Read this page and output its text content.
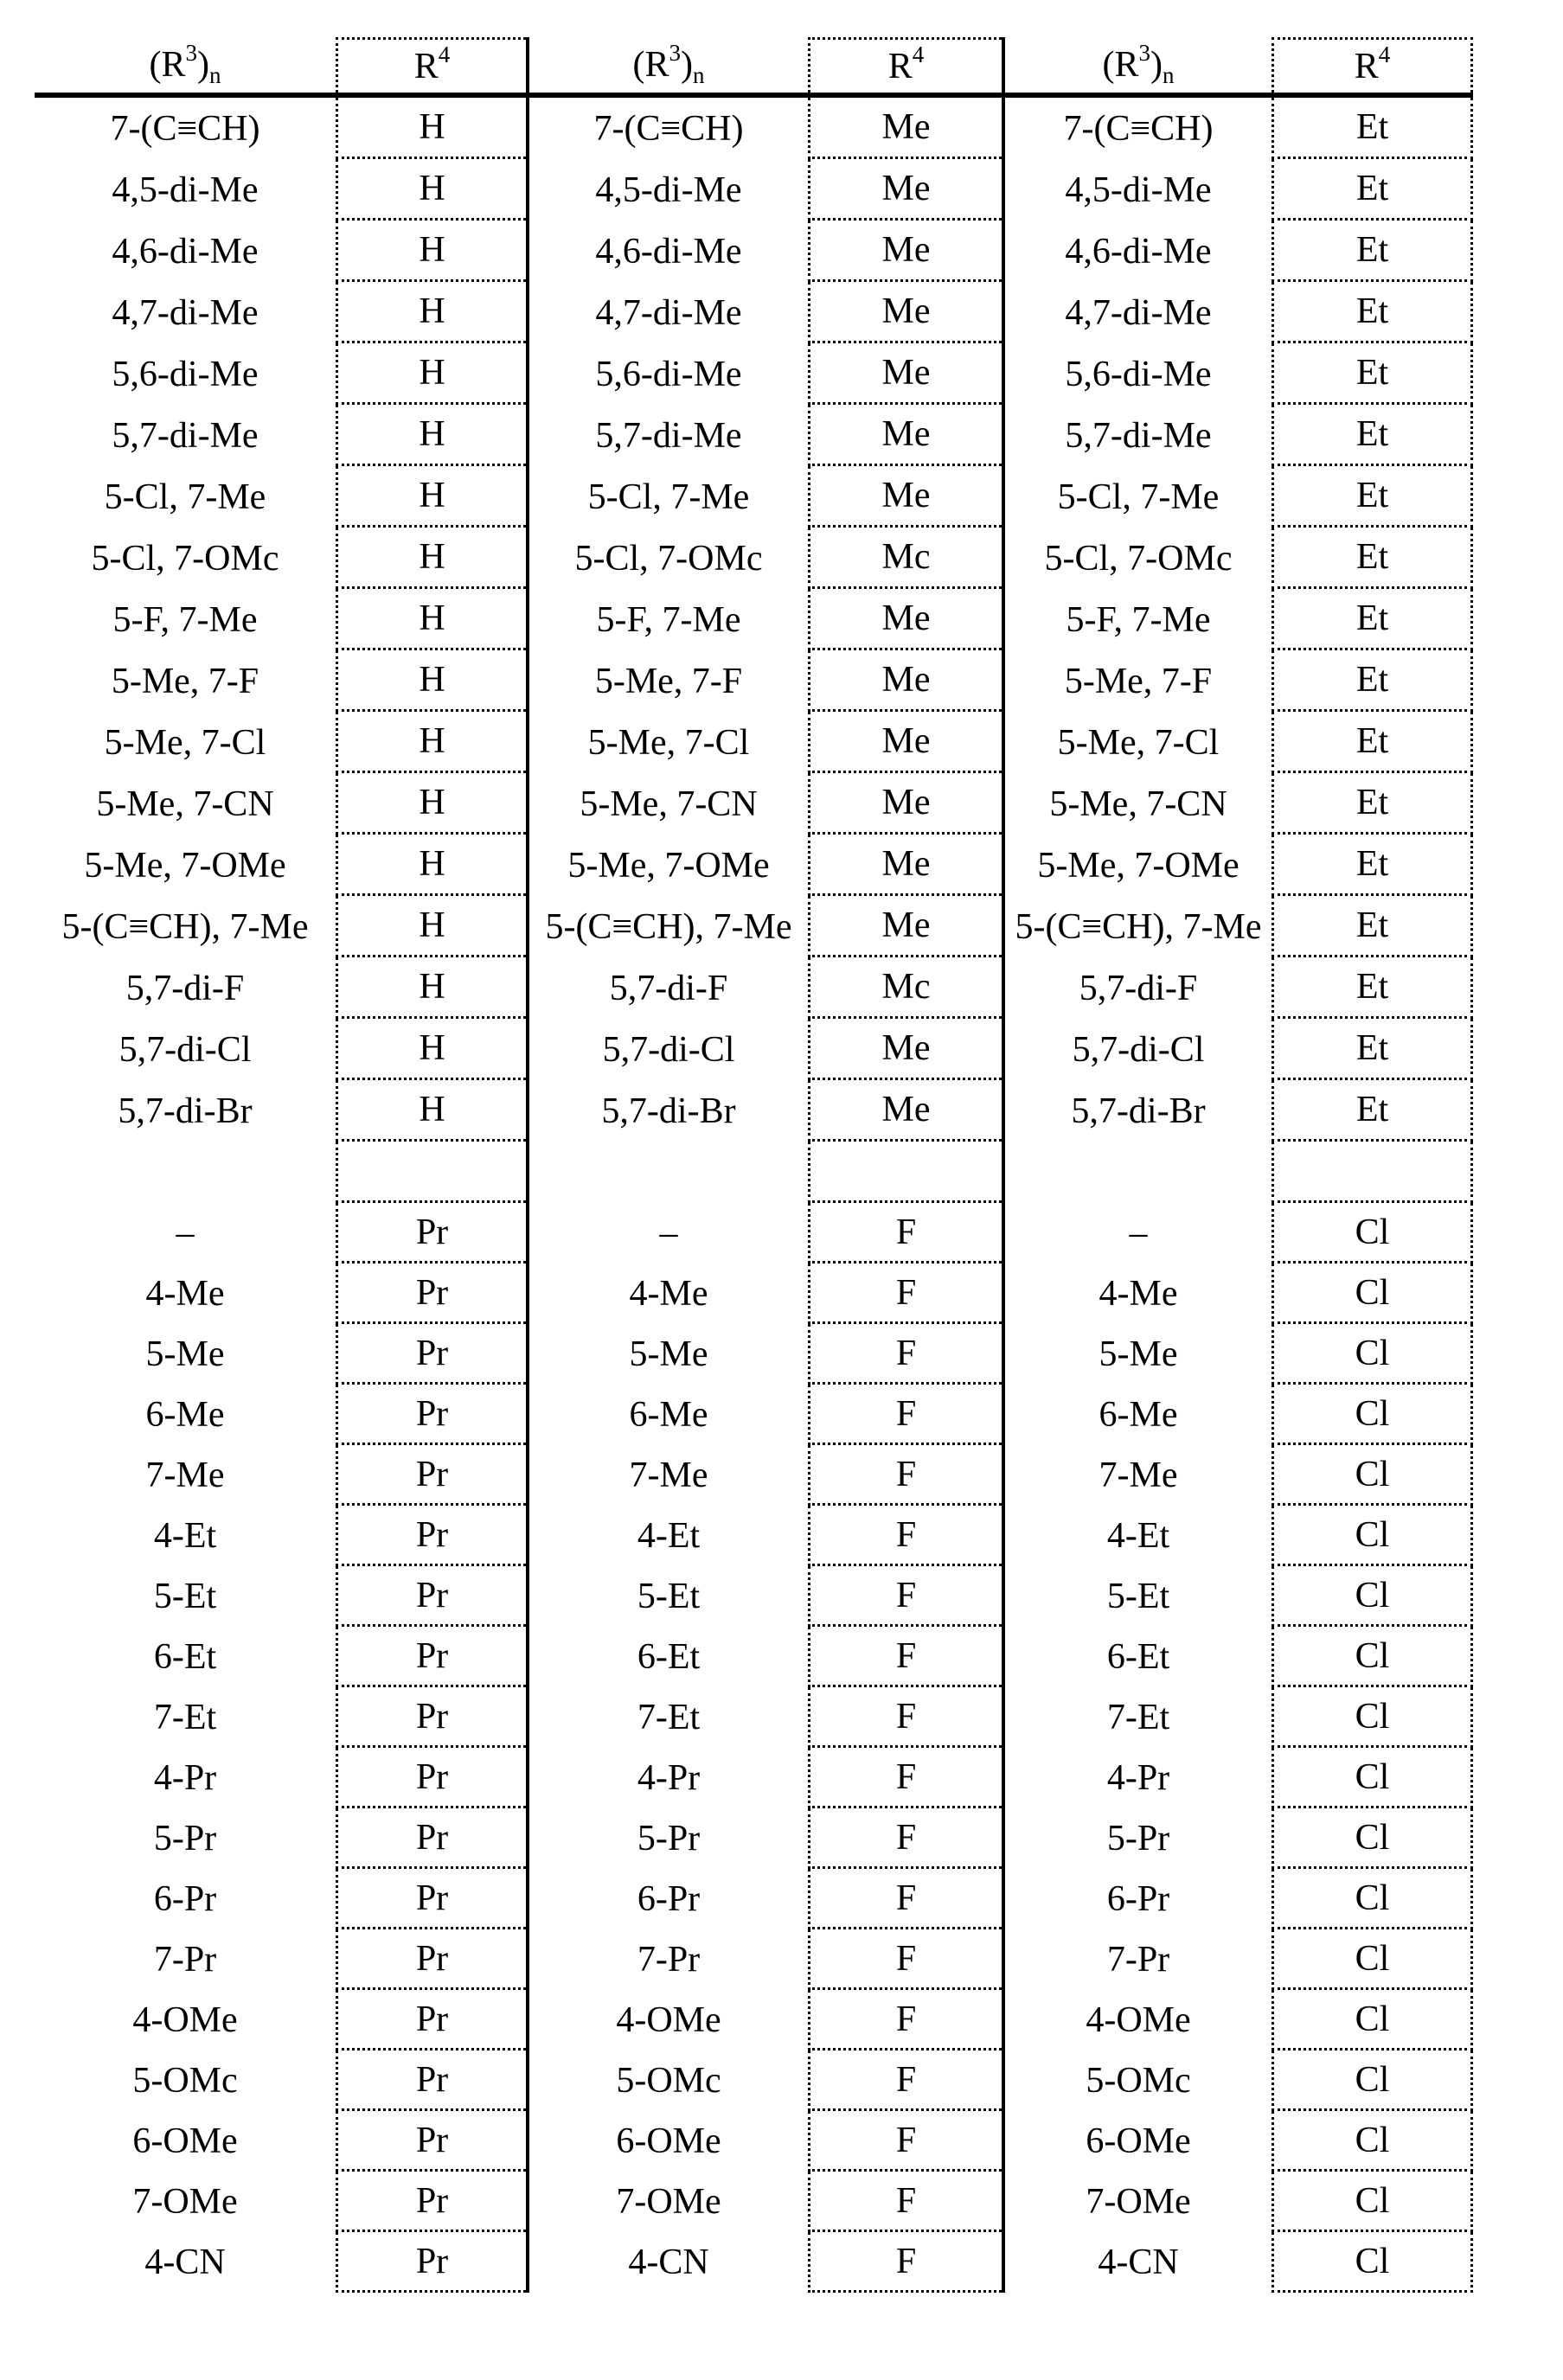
($R^3$ )$_n$	$R^4$
7-(C≡CH)	H
4,5-di-Me	H
4,6-di-Me	H
4,7-di-Me	H
5,6-di-Me	H
5,7-di-Me	H
5-Cl, 7-Me	H
5-Cl, 7-OMc	H
5-F, 7-Me	H
5-Me, 7-F	H
5-Me, 7-Cl	H
5-Me, 7-CN	H
5-Me, 7-OMe	H
5-(C≡CH), 7-Me	H
5,7-di-F	H
5,7-di-Cl	H
5,7-di-Br	H
–	Pr
4-Me	Pr
5-Me	Pr
6-Me	Pr
7-Me	Pr
4-Et	Pr
5-Et	Pr
6-Et	Pr
7-Et	Pr
4-Pr	Pr
5-Pr	Pr
6-Pr	Pr
7-Pr	Pr
4-OMe	Pr
5-OMc	Pr
6-OMe	Pr
7-OMe	Pr
4-CN	Pr
($R^3$ )$_n$	$R^4$
7-(C≡CH)	Me
4,5-di-Me	Me
4,6-di-Me	Me
4,7-di-Me	Me
5,6-di-Me	Me
5,7-di-Me	Me
5-Cl, 7-Me	Me
5-Cl, 7-OMc	Mc
5-F, 7-Me	Me
5-Me, 7-F	Me
5-Me, 7-Cl	Me
5-Me, 7-CN	Me
5-Me, 7-OMe	Me
5-(C≡CH), 7-Me Me
5,7-di-F	Mc
5,7-di-Cl	Me
5,7-di-Br	Me
–	F
4-Me	F
5-Me	F
6-Me	F
7-Me	F
4-Et	F
5-Et	F
6-Et	F
7-Et	F
4-Pr	F
5-Pr	F
6-Pr	F
7-Pr	F
4-OMe	F
5-OMc	F
6-OMe	F
7-OMe	F
4-CN	F
($R^3$ )$_n$	$R^4$
7-(C≡CH)	Et
4,5-di-Me	Et
4,6-di-Me	Et
4,7-di-Me	Et
5,6-di-Me	Et
5,7-di-Me	Et
5-Cl, 7-Me	Et
5-Cl, 7-OMc	Et
5-F, 7-Me	Et
5-Me, 7-F	Et
5-Me, 7-Cl	Et
5-Me, 7-CN	Et
5-Me, 7-OMe	Et
5-(C≡CH), 7-Me	Et
5,7-di-F	Et
5,7-di-Cl	Et
5,7-di-Br	Et
–	Cl
4-Me	Cl
5-Me	Cl
6-Me	Cl
7-Me	Cl
4-Et	Cl
5-Et	Cl
6-Et	Cl
7-Et	Cl
4-Pr	Cl
5-Pr	Cl
6-Pr	Cl
7-Pr	Cl
4-OMe	Cl
5-OMc	Cl
6-OMe	Cl
7-OMe	Cl
4-CN	Cl
